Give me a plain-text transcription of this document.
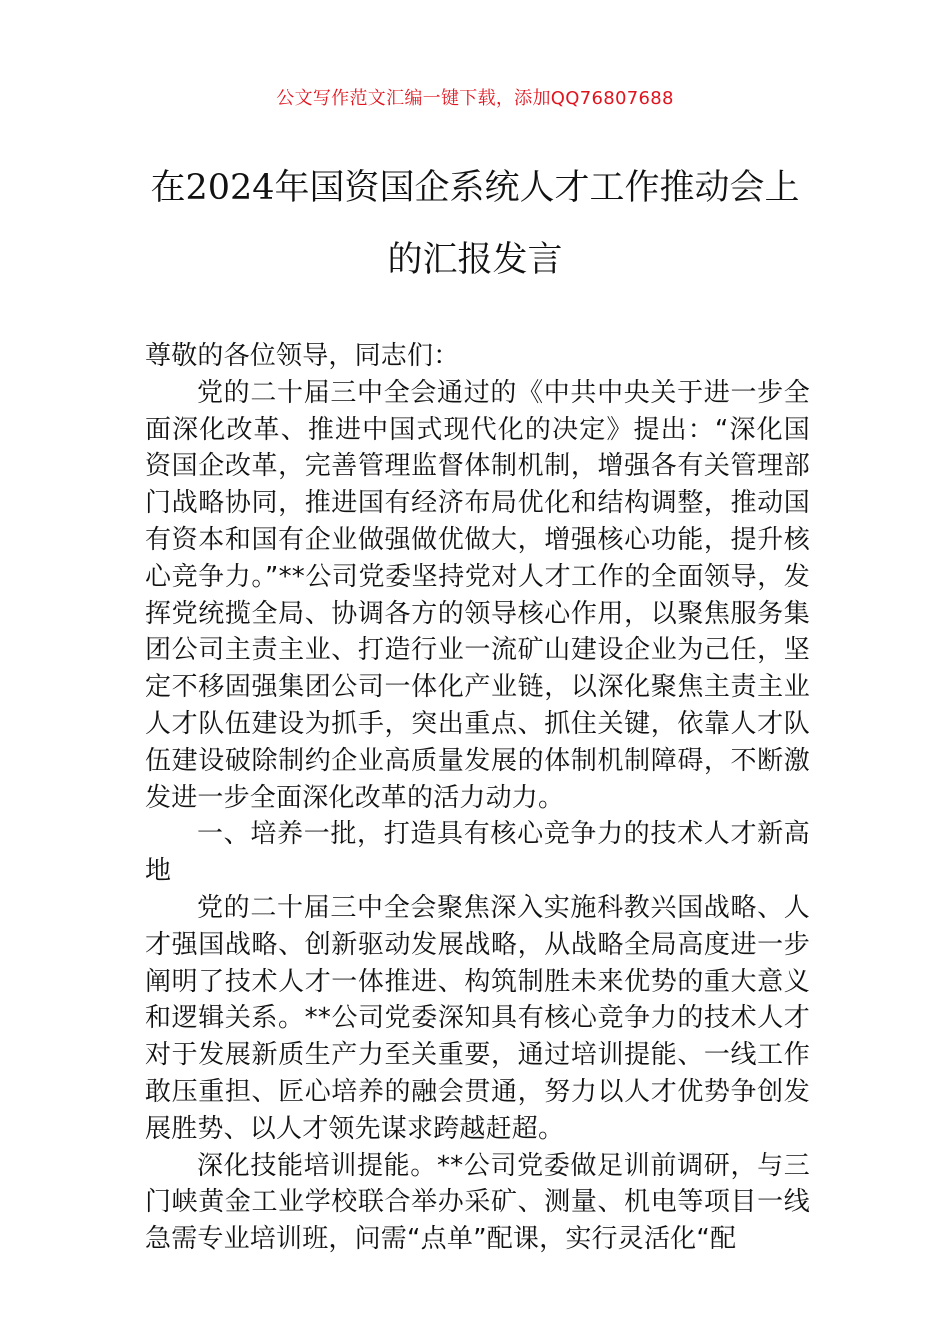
公文写作范文汇编一键下载，添加QQ76807688
在2024年国资国企系统人才工作推动会上
的汇报发言

尊敬的各位领导，同志们：

党的二十届三中全会通过的《中共中央关于进一步全面深化改革、推进中国式现代化的决定》提出：“深化国资国企改革，完善管理监督体制机制，增强各有关管理部门战略协同，推进国有经济布局优化和结构调整，推动国有资本和国有企业做强做优做大，增强核心功能，提升核心竞争力。”**公司党委坚持党对人才工作的全面领导，发挥党统揽全局、协调各方的领导核心作用，以聚焦服务集团公司主责主业、打造行业一流矿山建设企业为己任，坚定不移固强集团公司一体化产业链，以深化聚焦主责主业人才队伍建设为抓手，突出重点、抓住关键，依靠人才队伍建设破除制约企业高质量发展的体制机制障碍，不断激发进一步全面深化改革的活力动力。

一、培养一批，打造具有核心竞争力的技术人才新高地

党的二十届三中全会聚焦深入实施科教兴国战略、人才强国战略、创新驱动发展战略，从战略全局高度进一步阐明了技术人才一体推进、构筑制胜未来优势的重大意义和逻辑关系。**公司党委深知具有核心竞争力的技术人才对于发展新质生产力至关重要，通过培训提能、一线工作敢压重担、匠心培养的融会贯通，努力以人才优势争创发展胜势、以人才领先谋求跨越赶超。

深化技能培训提能。**公司党委做足训前调研，与三门峡黄金工业学校联合举办采矿、测量、机电等项目一线急需专业培训班，问需“点单”配课，实行灵活化“配
